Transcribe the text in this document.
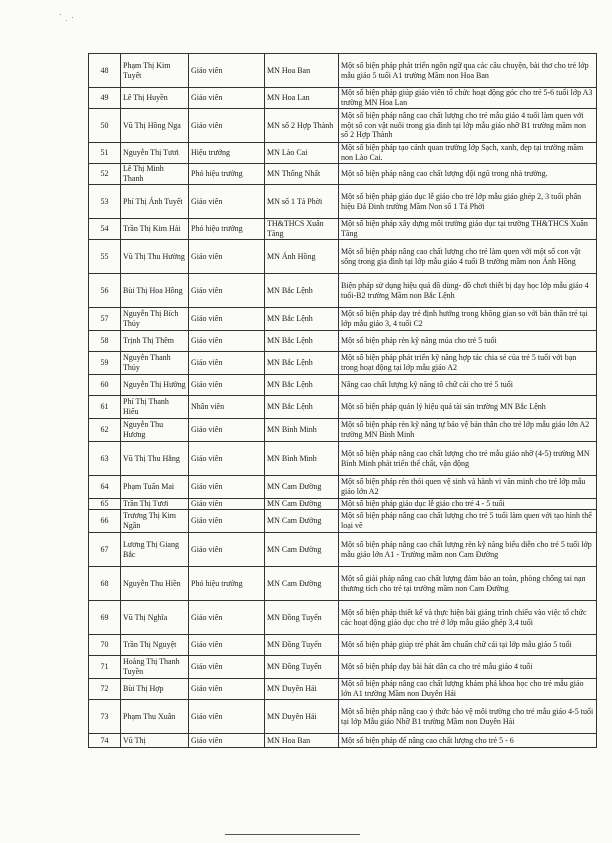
48	Phạm Thị Kim Tuyết	Giáo viên	MN Hoa Ban	Một số biện pháp phát triển ngôn ngữ qua các câu chuyện, bài thơ cho trẻ lớp mẫu giáo 5 tuổi A1 trường Mầm non Hoa Ban
49	Lê Thị Huyền	Giáo viên	MN Hoa Lan	Một số biện pháp giúp giáo viên tổ chức hoạt động góc cho trẻ 5-6 tuổi lớp A3 trường MN Hoa Lan
50	Vũ Thị Hồng Nga	Giáo viên	MN số 2 Hợp Thành	Một số biện pháp nâng cao chất lượng cho trẻ mẫu giáo 4 tuổi làm quen với một số con vật nuôi trong gia đình tại lớp mẫu giáo nhỡ B1 trường mầm non số 2 Hợp Thành
51	Nguyễn Thị Tươi	Hiệu trưởng	MN Lào Cai	Một số biện pháp tạo cảnh quan trường lớp Sạch, xanh, đẹp tại trường mầm non Lào Cai.
52	Lê Thị Minh Thanh	Phó hiệu trưởng	MN Thống Nhất	Một số biện pháp nâng cao chất lượng đội ngũ trong nhà trường.
53	Phí Thị Ánh Tuyết	Giáo viên	MN số 1 Tả Phời	Một số biện pháp giáo dục lễ giáo cho trẻ lớp mẫu giáo ghép 2, 3 tuổi phân hiệu Đá Đinh trường Mầm Non số 1 Tả Phời
54	Trần Thị Kim Hải	Phó hiệu trưởng	TH&THCS Xuân Tăng	Một số biện pháp xây dựng môi trường giáo dục tại trường TH&THCS Xuân Tăng
55	Vũ Thị Thu Hường	Giáo viên	MN Ánh Hồng	Một số biện pháp nâng cao chất lượng cho trẻ làm quen với một số con vật sống trong gia đình tại lớp mẫu giáo 4 tuổi B trường mầm non Ánh Hồng
56	Bùi Thị Hoa Hồng	Giáo viên	MN Bắc Lệnh	Biện pháp sử dụng hiệu quả đồ dùng- đồ chơi thiết bị dạy học lớp mẫu giáo 4 tuổi-B2 trường Mầm non Bắc Lệnh
57	Nguyễn Thị Bích Thủy	Giáo viên	MN Bắc Lệnh	Một số biện pháp dạy trẻ định hướng trong không gian so với bản thân trẻ tại lớp mẫu giáo 3, 4 tuổi C2
58	Trịnh Thị Thêm	Giáo viên	MN Bắc Lệnh	Một số biện pháp rèn kỹ năng múa cho trẻ 5 tuổi
59	Nguyễn Thanh Thủy	Giáo viên	MN Bắc Lệnh	Một số biện pháp phát triển kỹ năng hợp tác chia sẻ của trẻ 5 tuổi với bạn trong hoạt động tại lớp mẫu giáo A2
60	Nguyễn Thị Hường	Giáo viên	MN Bắc Lệnh	Nâng cao chất lượng kỹ năng tô chữ cái cho trẻ 5 tuổi
61	Phí Thị Thanh Hiếu	Nhân viên	MN Bắc Lệnh	Một số biện pháp quản lý hiệu quả tài sản trường MN Bắc Lệnh
62	Nguyễn Thu Hương	Giáo viên	MN Bình Minh	Một số biện pháp rèn kỹ năng tự bảo vệ bản thân cho trẻ lớp mẫu giáo lớn A2 trường MN Bình Minh
63	Vũ Thị Thu Hằng	Giáo viên	MN Bình Minh	Một số biện pháp nâng cao chất lượng cho trẻ mẫu giáo nhỡ (4-5) trường MN Bình Minh phát triển thể chất, vận động
64	Phạm Tuấn Mai	Giáo viên	MN Cam Đường	Một số biện pháp rèn thói quen vệ sinh và hành vi văn minh cho trẻ lớp mẫu giáo lớn A2
65	Trần Thị Tươi	Giáo viên	MN Cam Đường	Một số biện pháp giáo dục lễ giáo cho trẻ 4 - 5 tuổi
66	Trương Thị Kim Ngân	Giáo viên	MN Cam Đường	Một số biện pháp nâng cao chất lượng cho trẻ 5 tuổi làm quen với tạo hình thể loại vẽ
67	Lương Thị Giang Bắc	Giáo viên	MN Cam Đường	Một số biện pháp nâng cao chất lượng rèn kỹ năng biểu diễn cho trẻ 5 tuổi lớp mẫu giáo lớn A1 - Trường mầm non Cam Đường
68	Nguyễn Thu Hiền	Phó hiệu trưởng	MN Cam Đường	Một số giải pháp nâng cao chất lượng đảm bảo an toàn, phòng chống tai nạn thương tích cho trẻ tại trường mầm non Cam Đường
69	Vũ Thị Nghĩa	Giáo viên	MN Đồng Tuyển	Một số biện pháp thiết kế và thực hiện bài giảng trình chiếu vào việc tổ chức các hoạt động giáo dục cho trẻ ở lớp mẫu giáo ghép 3,4 tuổi
70	Trần Thị Nguyệt	Giáo viên	MN Đồng Tuyển	Một số biện pháp giúp trẻ phát âm chuẩn chữ cái tại lớp mẫu giáo 5 tuổi
71	Hoàng Thị Thanh Tuyền	Giáo viên	MN Đồng Tuyển	Một số biện pháp dạy bài hát dân ca cho trẻ mẫu giáo 4 tuổi
72	Bùi Thị Hợp	Giáo viên	MN Duyên Hải	Một số biện pháp nâng cao chất lượng khám phá khoa học cho trẻ mẫu giáo lớn A1 trường Mầm non Duyên Hải
73	Phạm Thu Xuân	Giáo viên	MN Duyên Hải	Một số biện pháp nâng cao ý thức bảo vệ môi trường cho trẻ mẫu giáo 4-5 tuổi tại lớp Mẫu giáo Nhỡ B1 trường Mầm non Duyên Hải
74	Vũ Thị	Giáo viên	MN Hoa Ban	Một số biện pháp để nâng cao chất lượng cho trẻ 5 - 6
